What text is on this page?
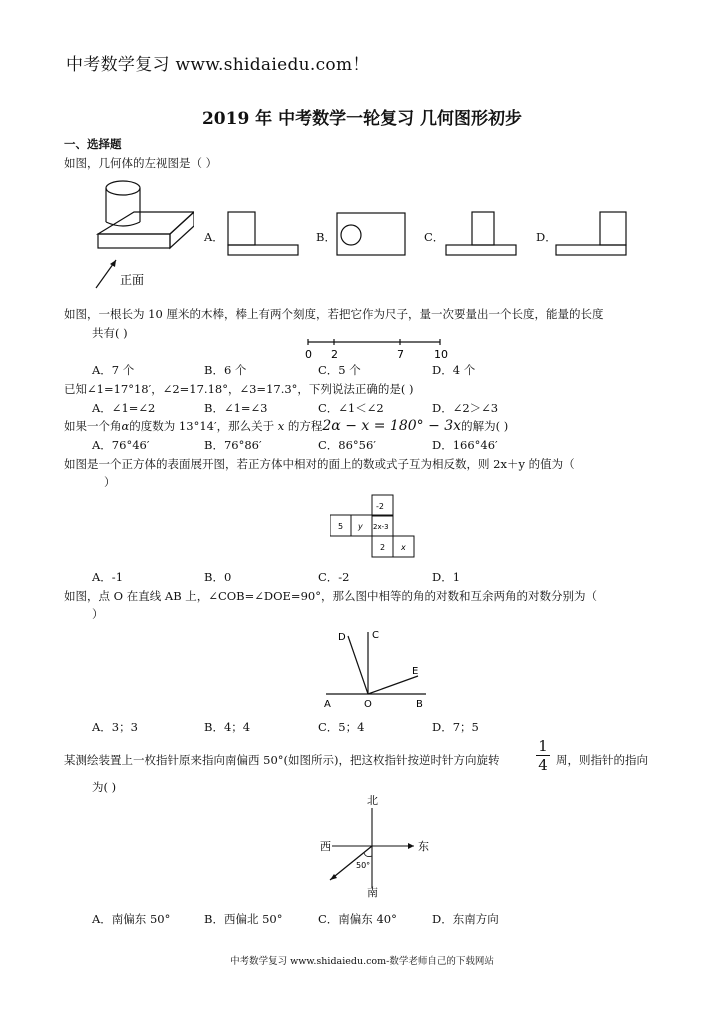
中考数学复习 www.shidaiedu.com！
2019 年 中考数学一轮复习 几何图形初步
一、选择题
如图，几何体的左视图是（ ）
正面
A．	B．	C．	D．
如图，一根长为 10 厘米的木棒，棒上有两个刻度，若把它作为尺子，量一次要量出一个长度，能量的长度
共有( )
0 2	7	10
A．7 个	B．6 个	C．5 个	D．4 个
已知∠1=17°18′，∠2=17.18°，∠3=17.3°，下列说法正确的是( )
A．∠1=∠2	B．∠1=∠3	C．∠1＜∠2	D．∠2＞∠3
如果一个角α的度数为 13°14′，那么关于 x 的方程2α − x = 180° − 3x的解为( )
A．76°46′	B．76°86′	C．86°56′	D．166°46′
如图是一个正方体的表面展开图，若正方体中相对的面上的数或式子互为相反数，则 2x＋y 的值为（
）
-2
5 y 2x-3
2 x
A．-1	B．0	C．-2	D．1
如图，点 O 在直线 AB 上，∠COB=∠DOE=90°，那么图中相等的角的对数和互余两角的对数分别为（
）
D	C
E
A	O	B
A．3；3	B．4；4	C．5；4	D．7；5
某测绘装置上一枚指针原来指向南偏西 50°(如图所示)，把这枚指针按逆时针方向旋转
1
4 周，则指针的指向
为( )
北
西	东
南
50°
A．南偏东 50°	B．西偏北 50°	C．南偏东 40°	D．东南方向
中考数学复习 www.shidaiedu.com-数学老师自己的下载网站
